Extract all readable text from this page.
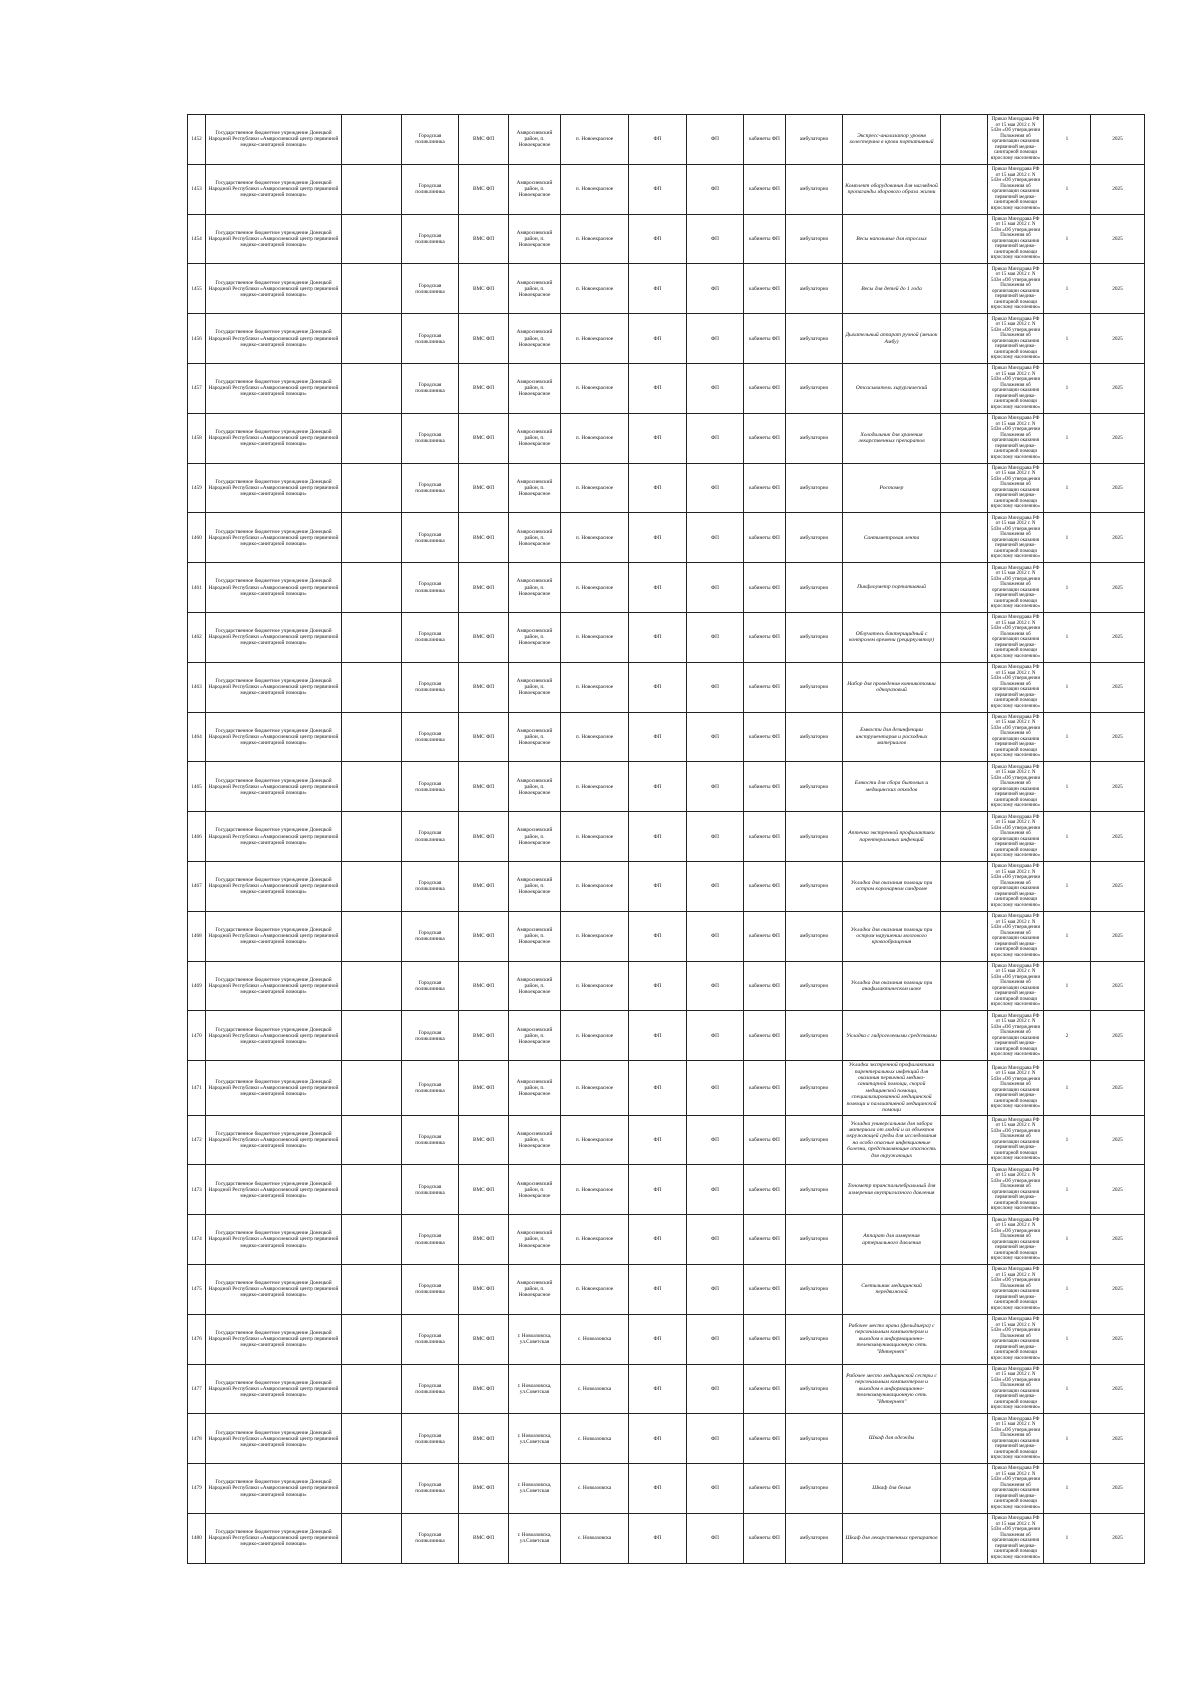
1452	Государственное бюджетное учреждение Донецкой Народной Республики «Амвросиевский центр первичной медико-санитарной помощи»		Городская поликлиника	ВМС ФП	Амвросиевский район, п. Новоекрасное	п. Новоекрасное	ФП	ФП	кабинеты ФП	амбулаторно	Экспресс-анализатор уровня холестерина в крови портативный		Приказ Минздрава РФ от 15 мая 2012 г. N 543н «Об утверждении Положения об организации оказания первичной медико-санитарной помощи взрослому населению»	1	2025
1453	Государственное бюджетное учреждение Донецкой Народной Республики «Амвросиевский центр первичной медико-санитарной помощи»		Городская поликлиника	ВМС ФП	Амвросиевский район, п. Новоекрасное	п. Новоекрасное	ФП	ФП	кабинеты ФП	амбулаторно	Комплект оборудования для наглядной пропаганды здорового образа жизни		Приказ Минздрава РФ от 15 мая 2012 г. N 543н «Об утверждении Положения об организации оказания первичной медико-санитарной помощи взрослому населению»	1	2025
1454	Государственное бюджетное учреждение Донецкой Народной Республики «Амвросиевский центр первичной медико-санитарной помощи»		Городская поликлиника	ВМС ФП	Амвросиевский район, п. Новоекрасное	п. Новоекрасное	ФП	ФП	кабинеты ФП	амбулаторно	Весы напольные для взрослых		Приказ Минздрава РФ от 15 мая 2012 г. N 543н «Об утверждении Положения об организации оказания первичной медико-санитарной помощи взрослому населению»	1	2025
1455	Государственное бюджетное учреждение Донецкой Народной Республики «Амвросиевский центр первичной медико-санитарной помощи»		Городская поликлиника	ВМС ФП	Амвросиевский район, п. Новоекрасное	п. Новоекрасное	ФП	ФП	кабинеты ФП	амбулаторно	Весы для детей до 1 года		Приказ Минздрава РФ от 15 мая 2012 г. N 543н «Об утверждении Положения об организации оказания первичной медико-санитарной помощи взрослому населению»	1	2025
1456	Государственное бюджетное учреждение Донецкой Народной Республики «Амвросиевский центр первичной медико-санитарной помощи»		Городская поликлиника	ВМС ФП	Амвросиевский район, п. Новоекрасное	п. Новоекрасное	ФП	ФП	кабинеты ФП	амбулаторно	Дыхательный аппарат ручной (мешок Амбу)		Приказ Минздрава РФ от 15 мая 2012 г. N 543н «Об утверждении Положения об организации оказания первичной медико-санитарной помощи взрослому населению»	1	2025
1457	Государственное бюджетное учреждение Донецкой Народной Республики «Амвросиевский центр первичной медико-санитарной помощи»		Городская поликлиника	ВМС ФП	Амвросиевский район, п. Новоекрасное	п. Новоекрасное	ФП	ФП	кабинеты ФП	амбулаторно	Отсасыватель хирургический		Приказ Минздрава РФ от 15 мая 2012 г. N 543н «Об утверждении Положения об организации оказания первичной медико-санитарной помощи взрослому населению»	1	2025
1458	Государственное бюджетное учреждение Донецкой Народной Республики «Амвросиевский центр первичной медико-санитарной помощи»		Городская поликлиника	ВМС ФП	Амвросиевский район, п. Новоекрасное	п. Новоекрасное	ФП	ФП	кабинеты ФП	амбулаторно	Холодильник для хранения лекарственных препаратов		Приказ Минздрава РФ от 15 мая 2012 г. N 543н «Об утверждении Положения об организации оказания первичной медико-санитарной помощи взрослому населению»	1	2025
1459	Государственное бюджетное учреждение Донецкой Народной Республики «Амвросиевский центр первичной медико-санитарной помощи»		Городская поликлиника	ВМС ФП	Амвросиевский район, п. Новоекрасное	п. Новоекрасное	ФП	ФП	кабинеты ФП	амбулаторно	Ростомер		Приказ Минздрава РФ от 15 мая 2012 г. N 543н «Об утверждении Положения об организации оказания первичной медико-санитарной помощи взрослому населению»	1	2025
1460	Государственное бюджетное учреждение Донецкой Народной Республики «Амвросиевский центр первичной медико-санитарной помощи»		Городская поликлиника	ВМС ФП	Амвросиевский район, п. Новоекрасное	п. Новоекрасное	ФП	ФП	кабинеты ФП	амбулаторно	Сантиметровая лента		Приказ Минздрава РФ от 15 мая 2012 г. N 543н «Об утверждении Положения об организации оказания первичной медико-санитарной помощи взрослому населению»	1	2025
1461	Государственное бюджетное учреждение Донецкой Народной Республики «Амвросиевский центр первичной медико-санитарной помощи»		Городская поликлиника	ВМС ФП	Амвросиевский район, п. Новоекрасное	п. Новоекрасное	ФП	ФП	кабинеты ФП	амбулаторно	Пикфлоуметр портативный		Приказ Минздрава РФ от 15 мая 2012 г. N 543н «Об утверждении Положения об организации оказания первичной медико-санитарной помощи взрослому населению»	1	2025
1462	Государственное бюджетное учреждение Донецкой Народной Республики «Амвросиевский центр первичной медико-санитарной помощи»		Городская поликлиника	ВМС ФП	Амвросиевский район, п. Новоекрасное	п. Новоекрасное	ФП	ФП	кабинеты ФП	амбулаторно	Облучатель бактерицидный с контролем времени (рециркулятор)		Приказ Минздрава РФ от 15 мая 2012 г. N 543н «Об утверждении Положения об организации оказания первичной медико-санитарной помощи взрослому населению»	1	2025
1463	Государственное бюджетное учреждение Донецкой Народной Республики «Амвросиевский центр первичной медико-санитарной помощи»		Городская поликлиника	ВМС ФП	Амвросиевский район, п. Новоекрасное	п. Новоекрасное	ФП	ФП	кабинеты ФП	амбулаторно	Набор для проведения конникотомии одноразовый		Приказ Минздрава РФ от 15 мая 2012 г. N 543н «Об утверждении Положения об организации оказания первичной медико-санитарной помощи взрослому населению»	1	2025
1464	Государственное бюджетное учреждение Донецкой Народной Республики «Амвросиевский центр первичной медико-санитарной помощи»		Городская поликлиника	ВМС ФП	Амвросиевский район, п. Новоекрасное	п. Новоекрасное	ФП	ФП	кабинеты ФП	амбулаторно	Емкости для дезинфекции инструментария и расходных материалов		Приказ Минздрава РФ от 15 мая 2012 г. N 543н «Об утверждении Положения об организации оказания первичной медико-санитарной помощи взрослому населению»	1	2025
1465	Государственное бюджетное учреждение Донецкой Народной Республики «Амвросиевский центр первичной медико-санитарной помощи»		Городская поликлиника	ВМС ФП	Амвросиевский район, п. Новоекрасное	п. Новоекрасное	ФП	ФП	кабинеты ФП	амбулаторно	Емкости для сбора бытовых и медицинских отходов		Приказ Минздрава РФ от 15 мая 2012 г. N 543н «Об утверждении Положения об организации оказания первичной медико-санитарной помощи взрослому населению»	1	2025
1466	Государственное бюджетное учреждение Донецкой Народной Республики «Амвросиевский центр первичной медико-санитарной помощи»		Городская поликлиника	ВМС ФП	Амвросиевский район, п. Новоекрасное	п. Новоекрасное	ФП	ФП	кабинеты ФП	амбулаторно	Аптечка экстренной профилактики парентеральных инфекций		Приказ Минздрава РФ от 15 мая 2012 г. N 543н «Об утверждении Положения об организации оказания первичной медико-санитарной помощи взрослому населению»	1	2025
1467	Государственное бюджетное учреждение Донецкой Народной Республики «Амвросиевский центр первичной медико-санитарной помощи»		Городская поликлиника	ВМС ФП	Амвросиевский район, п. Новоекрасное	п. Новоекрасное	ФП	ФП	кабинеты ФП	амбулаторно	Укладка для оказания помощи при остром коронарном синдроме		Приказ Минздрава РФ от 15 мая 2012 г. N 543н «Об утверждении Положения об организации оказания первичной медико-санитарной помощи взрослому населению»	1	2025
1468	Государственное бюджетное учреждение Донецкой Народной Республики «Амвросиевский центр первичной медико-санитарной помощи»		Городская поликлиника	ВМС ФП	Амвросиевский район, п. Новоекрасное	п. Новоекрасное	ФП	ФП	кабинеты ФП	амбулаторно	Укладка для оказания помощи при остром нарушении мозгового кровообращения		Приказ Минздрава РФ от 15 мая 2012 г. N 543н «Об утверждении Положения об организации оказания первичной медико-санитарной помощи взрослому населению»	1	2025
1469	Государственное бюджетное учреждение Донецкой Народной Республики «Амвросиевский центр первичной медико-санитарной помощи»		Городская поликлиника	ВМС ФП	Амвросиевский район, п. Новоекрасное	п. Новоекрасное	ФП	ФП	кабинеты ФП	амбулаторно	Укладка для оказания помощи при анафилактическом шоке		Приказ Минздрава РФ от 15 мая 2012 г. N 543н «Об утверждении Положения об организации оказания первичной медико-санитарной помощи взрослому населению»	1	2025
1470	Государственное бюджетное учреждение Донецкой Народной Республики «Амвросиевский центр первичной медико-санитарной помощи»		Городская поликлиника	ВМС ФП	Амвросиевский район, п. Новоекрасное	п. Новоекрасное	ФП	ФП	кабинеты ФП	амбулаторно	Укладка с гидрогелевыми средствами		Приказ Минздрава РФ от 15 мая 2012 г. N 543н «Об утверждении Положения об организации оказания первичной медико-санитарной помощи взрослому населению»	2	2025
1471	Государственное бюджетное учреждение Донецкой Народной Республики «Амвросиевский центр первичной медико-санитарной помощи»		Городская поликлиника	ВМС ФП	Амвросиевский район, п. Новоекрасное	п. Новоекрасное	ФП	ФП	кабинеты ФП	амбулаторно	Укладка экстренной профилактики парентеральных инфекций для оказания первичной медико-санитарной помощи, скорой медицинской помощи, специализированной медицинской помощи и паллиативной медицинской помощи		Приказ Минздрава РФ от 15 мая 2012 г. N 543н «Об утверждении Положения об организации оказания первичной медико-санитарной помощи взрослому населению»	1	2025
1472	Государственное бюджетное учреждение Донецкой Народной Республики «Амвросиевский центр первичной медико-санитарной помощи»		Городская поликлиника	ВМС ФП	Амвросиевский район, п. Новоекрасное	п. Новоекрасное	ФП	ФП	кабинеты ФП	амбулаторно	Укладка универсальная для забора материала от людей и из объектов окружающей среды для исследования на особо опасные инфекционные болезни, представляющие опасность для окружающих		Приказ Минздрава РФ от 15 мая 2012 г. N 543н «Об утверждении Положения об организации оказания первичной медико-санитарной помощи взрослому населению»	1	2025
1473	Государственное бюджетное учреждение Донецкой Народной Республики «Амвросиевский центр первичной медико-санитарной помощи»		Городская поликлиника	ВМС ФП	Амвросиевский район, п. Новоекрасное	п. Новоекрасное	ФП	ФП	кабинеты ФП	амбулаторно	Тонометр транспальпебральный для измерения внутриглазного давления		Приказ Минздрава РФ от 15 мая 2012 г. N 543н «Об утверждении Положения об организации оказания первичной медико-санитарной помощи взрослому населению»	1	2025
1474	Государственное бюджетное учреждение Донецкой Народной Республики «Амвросиевский центр первичной медико-санитарной помощи»		Городская поликлиника	ВМС ФП	Амвросиевский район, п. Новоекрасное	п. Новоекрасное	ФП	ФП	кабинеты ФП	амбулаторно	Аппарат для измерения артериального давления		Приказ Минздрава РФ от 15 мая 2012 г. N 543н «Об утверждении Положения об организации оказания первичной медико-санитарной помощи взрослому населению»	1	2025
1475	Государственное бюджетное учреждение Донецкой Народной Республики «Амвросиевский центр первичной медико-санитарной помощи»		Городская поликлиника	ВМС ФП	Амвросиевский район, п. Новоекрасное	п. Новоекрасное	ФП	ФП	кабинеты ФП	амбулаторно	Светильник медицинский передвижной		Приказ Минздрава РФ от 15 мая 2012 г. N 543н «Об утверждении Положения об организации оказания первичной медико-санитарной помощи взрослому населению»	1	2025
1476	Государственное бюджетное учреждение Донецкой Народной Республики «Амвросиевский центр первичной медико-санитарной помощи»		Городская поликлиника	ВМС ФП	г. Новоазовска, ул.Советская	с. Новоазовска	ФП	ФП	кабинеты ФП	амбулаторно	Рабочее место врача (фельдшера) с персональным компьютером и выходом в информационно-телекоммуникационную сеть "Интернет"		Приказ Минздрава РФ от 15 мая 2012 г. N 543н «Об утверждении Положения об организации оказания первичной медико-санитарной помощи взрослому населению»	1	2025
1477	Государственное бюджетное учреждение Донецкой Народной Республики «Амвросиевский центр первичной медико-санитарной помощи»		Городская поликлиника	ВМС ФП	г. Новоазовска, ул.Советская	с. Новоазовска	ФП	ФП	кабинеты ФП	амбулаторно	Рабочее место медицинской сестры с персональным компьютером и выходом в информационно-телекоммуникационную сеть "Интернет"		Приказ Минздрава РФ от 15 мая 2012 г. N 543н «Об утверждении Положения об организации оказания первичной медико-санитарной помощи взрослому населению»	1	2025
1478	Государственное бюджетное учреждение Донецкой Народной Республики «Амвросиевский центр первичной медико-санитарной помощи»		Городская поликлиника	ВМС ФП	г. Новоазовска, ул.Советская	с. Новоазовска	ФП	ФП	кабинеты ФП	амбулаторно	Шкаф для одежды		Приказ Минздрава РФ от 15 мая 2012 г. N 543н «Об утверждении Положения об организации оказания первичной медико-санитарной помощи взрослому населению»	1	2025
1479	Государственное бюджетное учреждение Донецкой Народной Республики «Амвросиевский центр первичной медико-санитарной помощи»		Городская поликлиника	ВМС ФП	г. Новоазовска, ул.Советская	с. Новоазовска	ФП	ФП	кабинеты ФП	амбулаторно	Шкаф для белья		Приказ Минздрава РФ от 15 мая 2012 г. N 543н «Об утверждении Положения об организации оказания первичной медико-санитарной помощи взрослому населению»	1	2025
1480	Государственное бюджетное учреждение Донецкой Народной Республики «Амвросиевский центр первичной медико-санитарной помощи»		Городская поликлиника	ВМС ФП	г. Новоазовска, ул.Советская	с. Новоазовска	ФП	ФП	кабинеты ФП	амбулаторно	Шкаф для лекарственных препаратов		Приказ Минздрава РФ от 15 мая 2012 г. N 543н «Об утверждении Положения об организации оказания первичной медико-санитарной помощи взрослому населению»	1	2025
